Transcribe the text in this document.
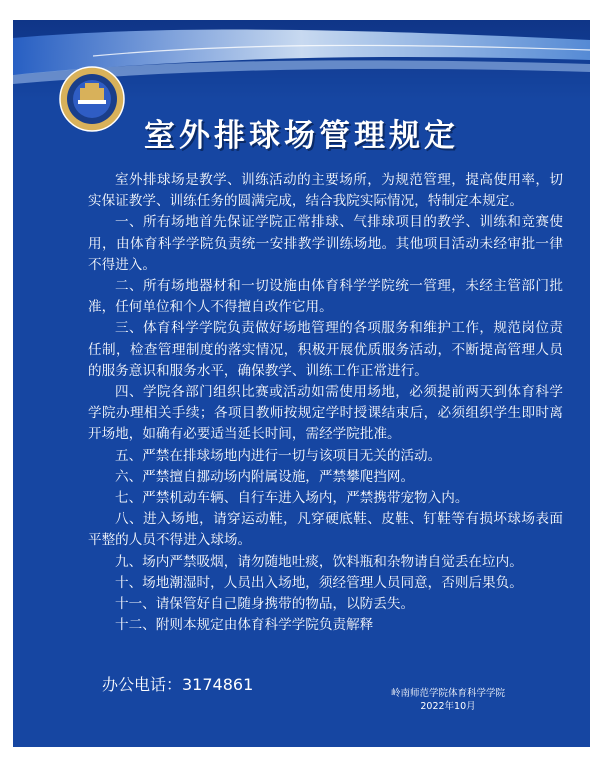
室外排球场管理规定

室外排球场是教学、训练活动的主要场所，为规范管理，提高使用率，切实保证教学、训练任务的圆满完成，结合我院实际情况，特制定本规定。

一、所有场地首先保证学院正常排球、气排球项目的教学、训练和竞赛使用，由体育科学学院负责统一安排教学训练场地。其他项目活动未经审批一律不得进入。

二、所有场地器材和一切设施由体育科学学院统一管理，未经主管部门批准，任何单位和个人不得擅自改作它用。

三、体育科学学院负责做好场地管理的各项服务和维护工作，规范岗位责任制，检查管理制度的落实情况，积极开展优质服务活动，不断提高管理人员的服务意识和服务水平，确保教学、训练工作正常进行。

四、学院各部门组织比赛或活动如需使用场地，必须提前两天到体育科学学院办理相关手续；各项目教师按规定学时授课结束后，必须组织学生即时离开场地，如确有必要适当延长时间，需经学院批准。

五、严禁在排球场地内进行一切与该项目无关的活动。

六、严禁擅自挪动场内附属设施，严禁攀爬挡网。

七、严禁机动车辆、自行车进入场内，严禁携带宠物入内。

八、进入场地，请穿运动鞋，凡穿硬底鞋、皮鞋、钉鞋等有损坏球场表面平整的人员不得进入球场。

九、场内严禁吸烟，请勿随地吐痰，饮料瓶和杂物请自觉丢在垃内。

十、场地潮湿时，人员出入场地，须经管理人员同意，否则后果负。

十一、请保管好自己随身携带的物品，以防丢失。

十二、附则本规定由体育科学学院负责解释

办公电话：3174861	岭南师范学院体育科学学院
2022年10月
